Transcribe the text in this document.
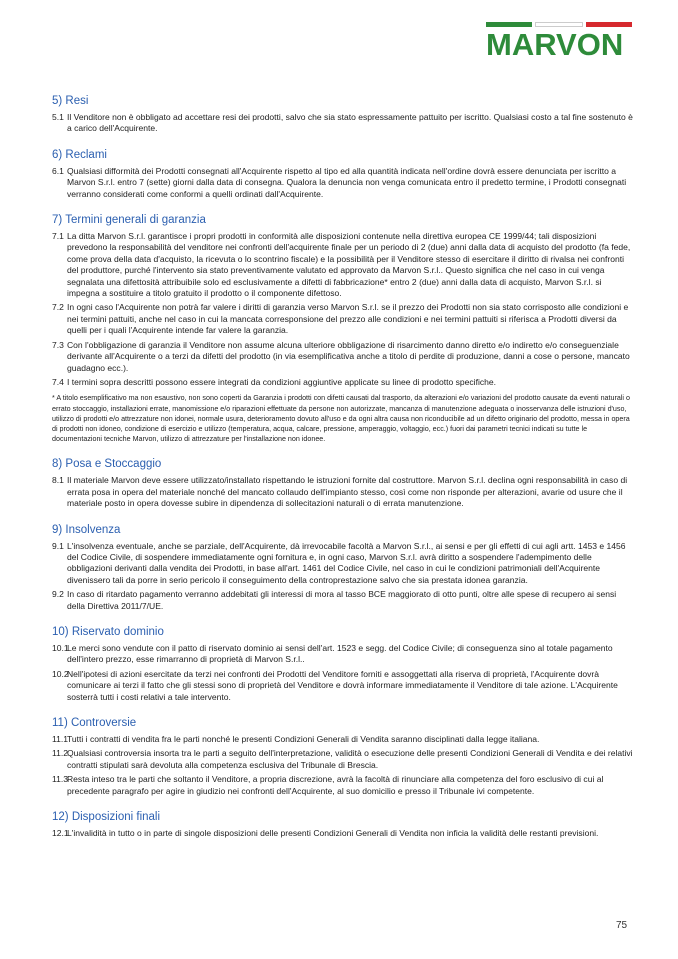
MARVON
5) Resi
5.1 Il Venditore non è obbligato ad accettare resi dei prodotti, salvo che sia stato espressamente pattuito per iscritto. Qualsiasi costo a tal fine sostenuto è a carico dell'Acquirente.
6) Reclami
6.1 Qualsiasi difformità dei Prodotti consegnati all'Acquirente rispetto al tipo ed alla quantità indicata nell'ordine dovrà essere denunciata per iscritto a Marvon S.r.l. entro 7 (sette) giorni dalla data di consegna. Qualora la denuncia non venga comunicata entro il predetto termine, i Prodotti consegnati verranno considerati come conformi a quelli ordinati dall'Acquirente.
7) Termini generali di garanzia
7.1 La ditta Marvon S.r.l. garantisce i propri prodotti in conformità alle disposizioni contenute nella direttiva europea CE 1999/44; tali disposizioni prevedono la responsabilità del venditore nei confronti dell'acquirente finale per un periodo di 2 (due) anni dalla data di acquisto del prodotto (fa fede, come prova della data d'acquisto, la ricevuta o lo scontrino fiscale) e la possibilità per il Venditore stesso di esercitare il diritto di rivalsa nei confronti del produttore, purché l'intervento sia stato preventivamente valutato ed approvato da Marvon S.r.l.. Questo significa che nel caso in cui venga segnalata una difettosità attribuibile solo ed esclusivamente a difetti di fabbricazione* entro 2 (due) anni dalla data di acquisto, Marvon S.r.l. si impegna a sostituire a titolo gratuito il prodotto o il componente difettoso.
7.2 In ogni caso l'Acquirente non potrà far valere i diritti di garanzia verso Marvon S.r.l. se il prezzo dei Prodotti non sia stato corrisposto alle condizioni e nei termini pattuiti, anche nel caso in cui la mancata corresponsione del prezzo alle condizioni e nei termini pattuiti si riferisca a Prodotti diversi da quelli per i quali l'Acquirente intende far valere la garanzia.
7.3 Con l'obbligazione di garanzia il Venditore non assume alcuna ulteriore obbligazione di risarcimento danno diretto e/o indiretto e/o conseguenziale derivante all'Acquirente o a terzi da difetti del prodotto (in via esemplificativa anche a titolo di perdite di produzione, danni a cose o persone, mancato guadagno ecc.).
7.4 I termini sopra descritti possono essere integrati da condizioni aggiuntive applicate su linee di prodotto specifiche.
* A titolo esemplificativo ma non esaustivo, non sono coperti da Garanzia i prodotti con difetti causati dal trasporto, da alterazioni e/o variazioni del prodotto causate da eventi naturali o errato stoccaggio, installazioni errate, manomissione e/o riparazioni effettuate da persone non autorizzate, mancanza di manutenzione adeguata o inosservanza delle istruzioni d'uso, utilizzo di prodotti e/o attrezzature non idonei, normale usura, deterioramento dovuto all'uso e da ogni altra causa non riconducibile ad un difetto originario del prodotto, messa in opera di prodotti non idoneo, condizione di esercizio e utilizzo (temperatura, acqua, calcare, pressione, amperaggio, voltaggio, ecc.) fuori dai parametri tecnici indicati su tutte le documentazioni tecniche Marvon, utilizzo di attrezzature per l'installazione non idonee.
8) Posa e Stoccaggio
8.1 Il materiale Marvon deve essere utilizzato/installato rispettando le istruzioni fornite dal costruttore. Marvon S.r.l. declina ogni responsabilità in caso di errata posa in opera del materiale nonché del mancato collaudo dell'impianto stesso, così come non risponde per alterazioni, avarie od usure che il materiale posto in opera dovesse subire in dipendenza di sollecitazioni naturali o di errata manutenzione.
9) Insolvenza
9.1 L'insolvenza eventuale, anche se parziale, dell'Acquirente, dà irrevocabile facoltà a Marvon S.r.l., ai sensi e per gli effetti di cui agli artt. 1453 e 1456 del Codice Civile, di sospendere immediatamente ogni fornitura e, in ogni caso, Marvon S.r.l. avrà diritto a sospendere l'adempimento delle obbligazioni derivanti dalla vendita dei Prodotti, in base all'art. 1461 del Codice Civile, nel caso in cui le condizioni patrimoniali dell'Acquirente divenissero tali da porre in serio pericolo il conseguimento della controprestazione salvo che sia prestata idonea garanzia.
9.2 In caso di ritardato pagamento verranno addebitati gli interessi di mora al tasso BCE maggiorato di otto punti, oltre alle spese di recupero ai sensi della Direttiva 2011/7/UE.
10) Riservato dominio
10.1
Le merci sono vendute con il patto di riservato dominio ai sensi dell'art. 1523 e segg. del Codice Civile; di conseguenza sino al totale pagamento dell'intero prezzo, esse rimarranno di proprietà di Marvon S.r.l..
10.2
Nell'ipotesi di azioni esercitate da terzi nei confronti dei Prodotti del Venditore forniti e assoggettati alla riserva di proprietà, l'Acquirente dovrà comunicare ai terzi il fatto che gli stessi sono di proprietà del Venditore e dovrà informare immediatamente il Venditore di tale azione. L'Acquirente sosterrà tutti i costi relativi a tale intervento.
11) Controversie
11.1
Tutti i contratti di vendita fra le parti nonché le presenti Condizioni Generali di Vendita saranno disciplinati dalla legge italiana.
11.2
Qualsiasi controversia insorta tra le parti a seguito dell'interpretazione, validità o esecuzione delle presenti Condizioni Generali di Vendita e dei relativi contratti stipulati sarà devoluta alla competenza esclusiva del Tribunale di Brescia.
11.3
Resta inteso tra le parti che soltanto il Venditore, a propria discrezione, avrà la facoltà di rinunciare alla competenza del foro esclusivo di cui al precedente paragrafo per agire in giudizio nei confronti dell'Acquirente, al suo domicilio e presso il Tribunale ivi competente.
12) Disposizioni finali
12.1
L'invalidità in tutto o in parte di singole disposizioni delle presenti Condizioni Generali di Vendita non inficia la validità delle restanti previsioni.
75
